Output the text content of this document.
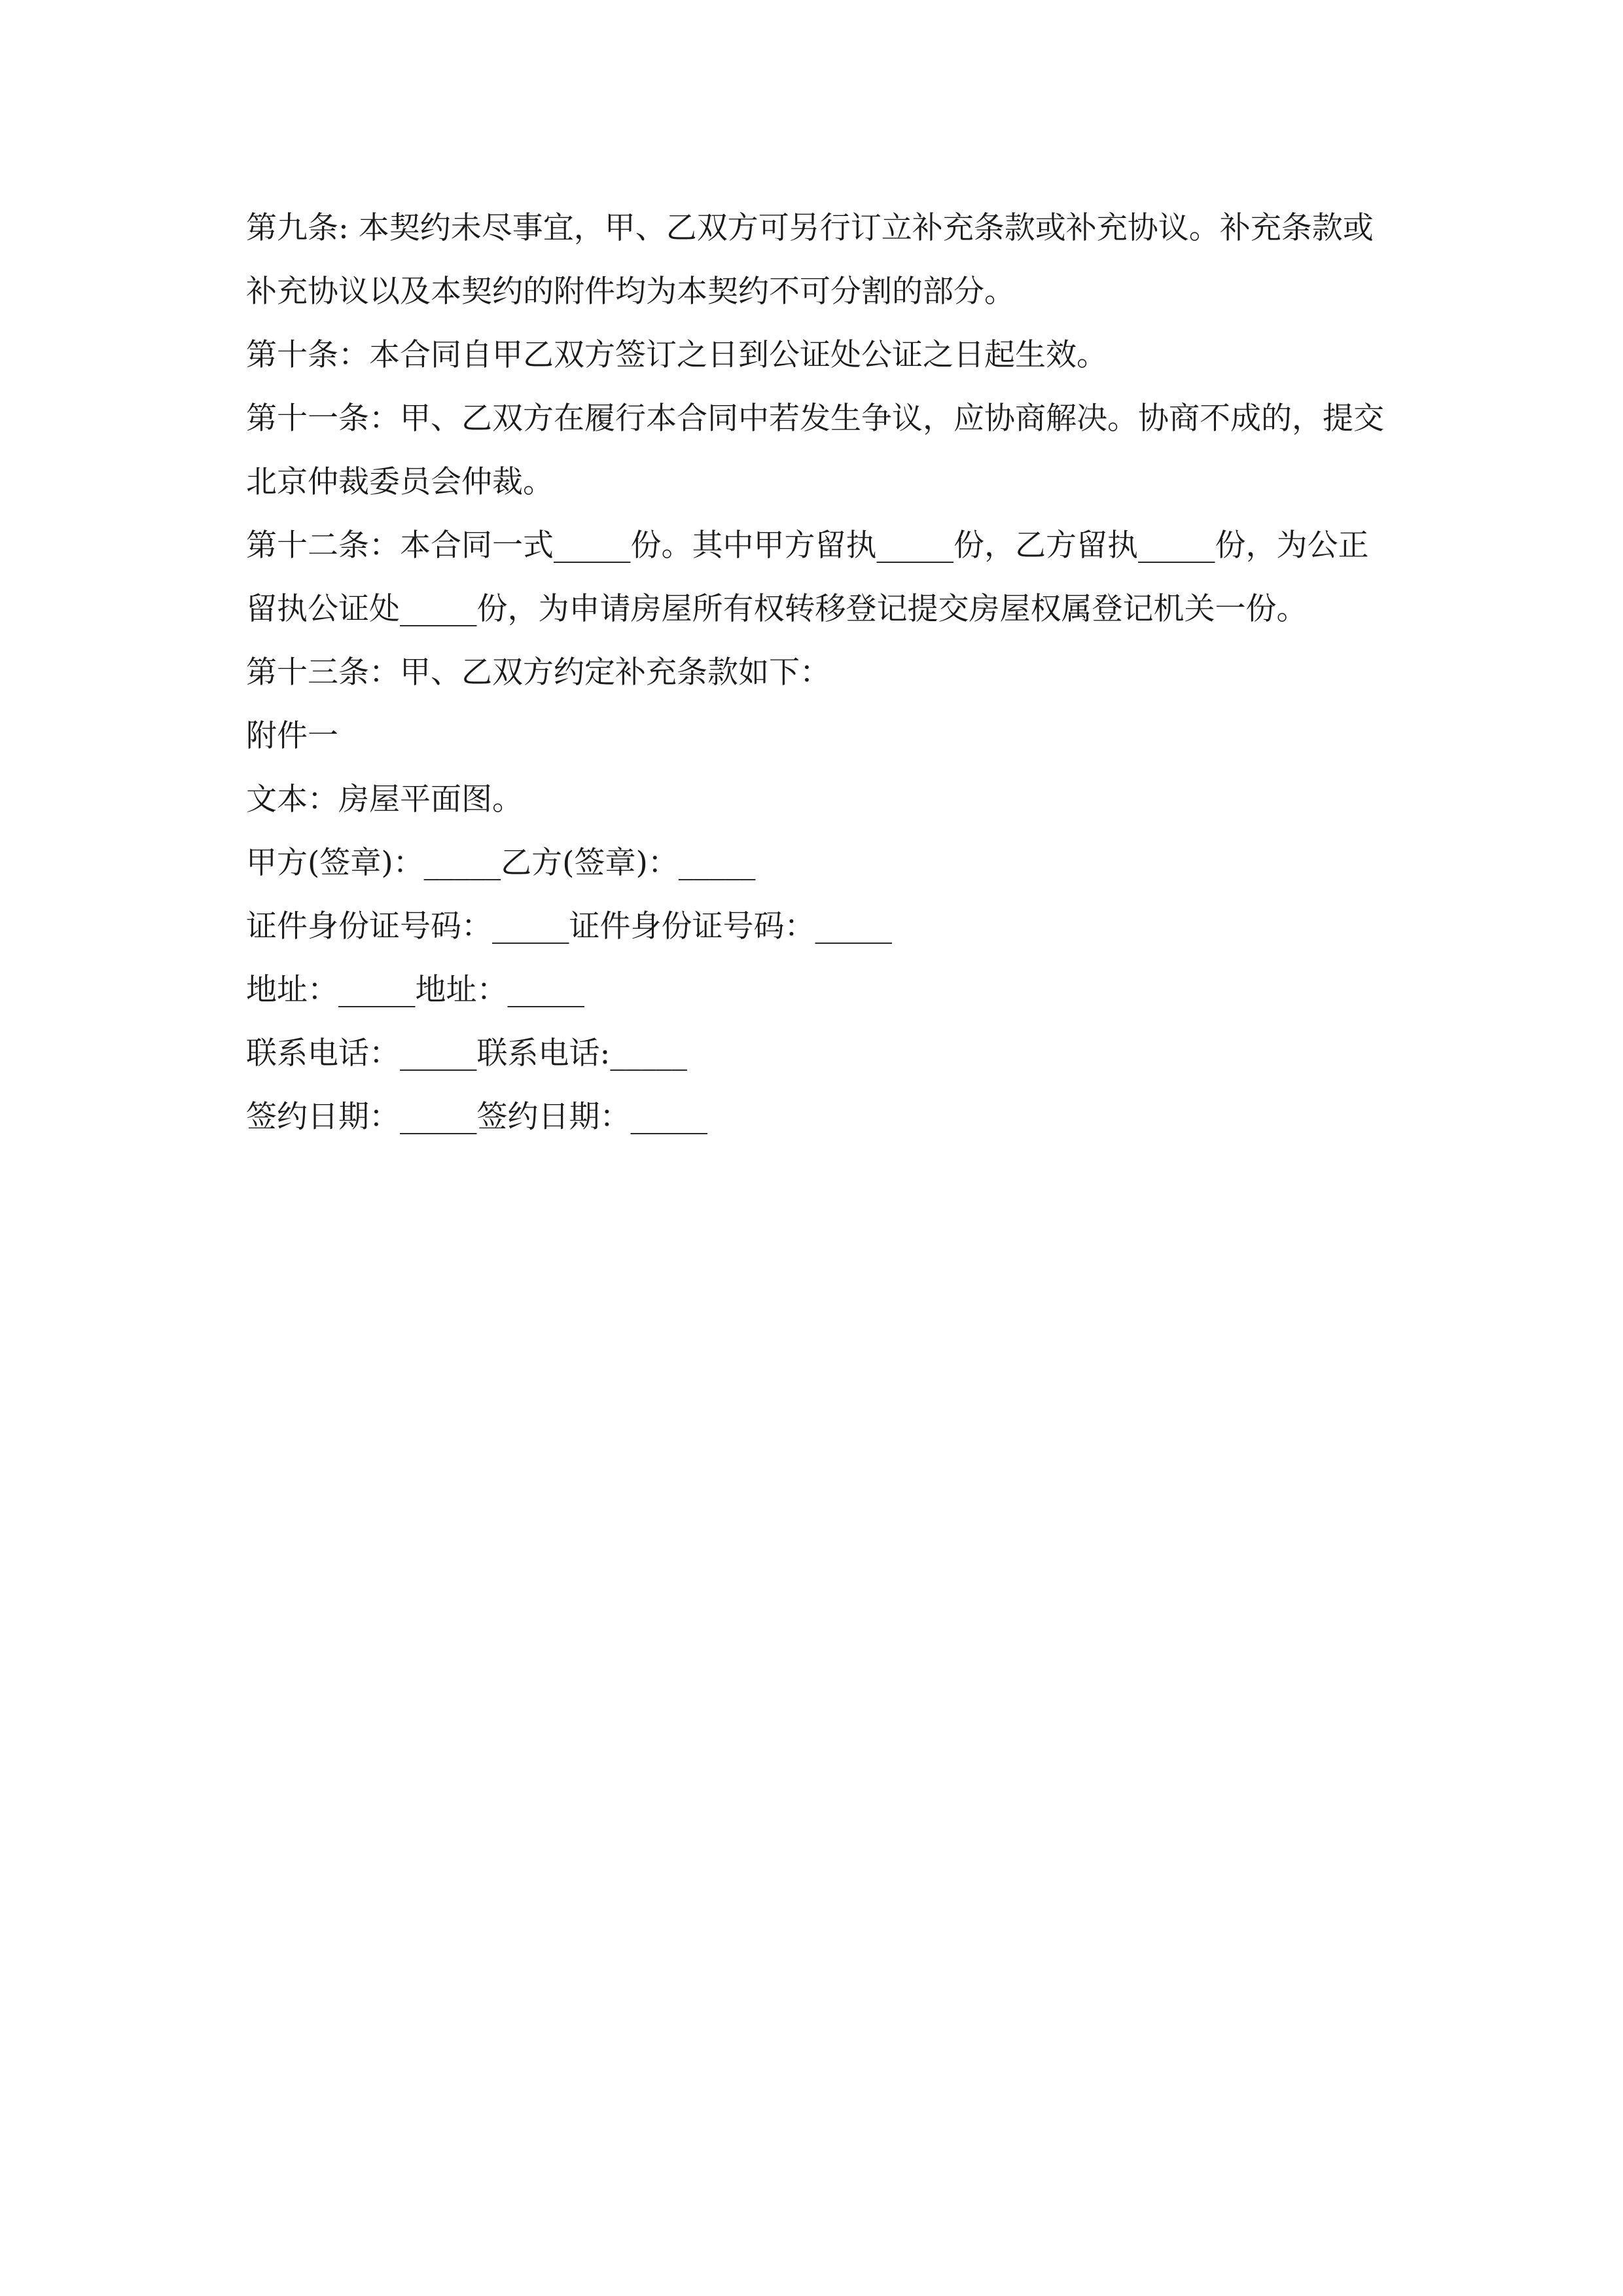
第九条: 本契约未尽事宜，甲、乙双方可另行订立补充条款或补充协议。补充条款或补充协议以及本契约的附件均为本契约不可分割的部分。

第十条：本合同自甲乙双方签订之日到公证处公证之日起生效。

第十一条：甲、乙双方在履行本合同中若发生争议，应协商解决。协商不成的，提交北京仲裁委员会仲裁。

第十二条：本合同一式_____份。其中甲方留执_____份，乙方留执_____份，为公正留执公证处_____份，为申请房屋所有权转移登记提交房屋权属登记机关一份。

第十三条：甲、乙双方约定补充条款如下：

附件一

文本：房屋平面图。

甲方(签章)：_____乙方(签章)：_____

证件身份证号码：_____证件身份证号码：_____

地址：_____地址：_____

联系电话：_____联系电话:_____

签约日期：_____签约日期：_____
